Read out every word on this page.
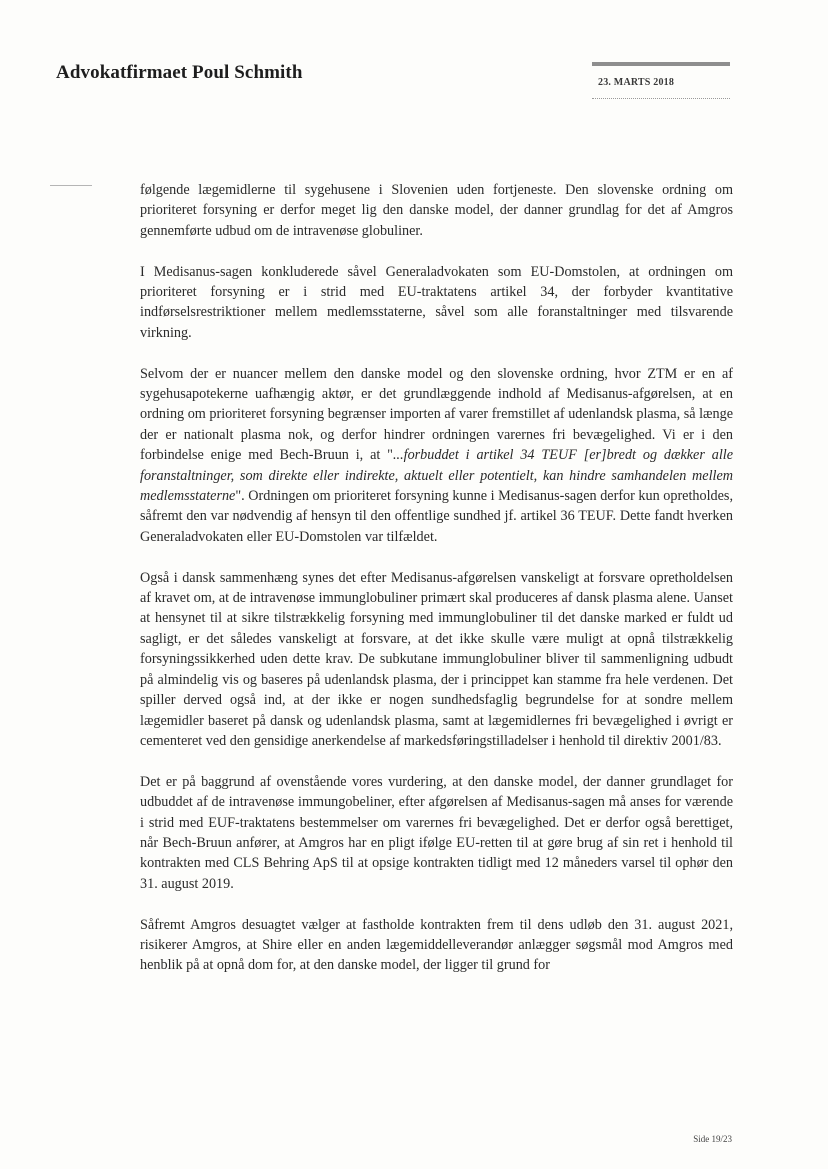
Advokatfirmaet Poul Schmith	23. MARTS 2018

følgende lægemidlerne til sygehusene i Slovenien uden fortjeneste. Den slovenske ordning om prioriteret forsyning er derfor meget lig den danske model, der danner grundlag for det af Amgros gennemførte udbud om de intravenøse globuliner.

I Medisanus-sagen konkluderede såvel Generaladvokaten som EU-Domstolen, at ordningen om prioriteret forsyning er i strid med EU-traktatens artikel 34, der forbyder kvantitative indførselsrestriktioner mellem medlemsstaterne, såvel som alle foranstaltninger med tilsvarende virkning.

Selvom der er nuancer mellem den danske model og den slovenske ordning, hvor ZTM er en af sygehusapotekerne uafhængig aktør, er det grundlæggende indhold af Medisanus-afgørelsen, at en ordning om prioriteret forsyning begrænser importen af varer fremstillet af udenlandsk plasma, så længe der er nationalt plasma nok, og derfor hindrer ordningen varernes fri bevægelighed. Vi er i den forbindelse enige med Bech-Bruun i, at "...forbuddet i artikel 34 TEUF [er]bredt og dækker alle foranstaltninger, som direkte eller indirekte, aktuelt eller potentielt, kan hindre samhandelen mellem medlemsstaterne". Ordningen om prioriteret forsyning kunne i Medisanus-sagen derfor kun opretholdes, såfremt den var nødvendig af hensyn til den offentlige sundhed jf. artikel 36 TEUF. Dette fandt hverken Generaladvokaten eller EU-Domstolen var tilfældet.

Også i dansk sammenhæng synes det efter Medisanus-afgørelsen vanskeligt at forsvare opretholdelsen af kravet om, at de intravenøse immunglobuliner primært skal produceres af dansk plasma alene. Uanset at hensynet til at sikre tilstrækkelig forsyning med immunglobuliner til det danske marked er fuldt ud sagligt, er det således vanskeligt at forsvare, at det ikke skulle være muligt at opnå tilstrækkelig forsyningssikkerhed uden dette krav. De subkutane immunglobuliner bliver til sammenligning udbudt på almindelig vis og baseres på udenlandsk plasma, der i princippet kan stamme fra hele verdenen. Det spiller derved også ind, at der ikke er nogen sundhedsfaglig begrundelse for at sondre mellem lægemidler baseret på dansk og udenlandsk plasma, samt at lægemidlernes fri bevægelighed i øvrigt er cementeret ved den gensidige anerkendelse af markedsføringstilladelser i henhold til direktiv 2001/83.

Det er på baggrund af ovenstående vores vurdering, at den danske model, der danner grundlaget for udbuddet af de intravenøse immungobeliner, efter afgørelsen af Medisanus-sagen må anses for værende i strid med EUF-traktatens bestemmelser om varernes fri bevægelighed. Det er derfor også berettiget, når Bech-Bruun anfører, at Amgros har en pligt ifølge EU-retten til at gøre brug af sin ret i henhold til kontrakten med CLS Behring ApS til at opsige kontrakten tidligt med 12 måneders varsel til ophør den 31. august 2019.

Såfremt Amgros desuagtet vælger at fastholde kontrakten frem til dens udløb den 31. august 2021, risikerer Amgros, at Shire eller en anden lægemiddelleverandør anlægger søgsmål mod Amgros med henblik på at opnå dom for, at den danske model, der ligger til grund for

Side 19/23
